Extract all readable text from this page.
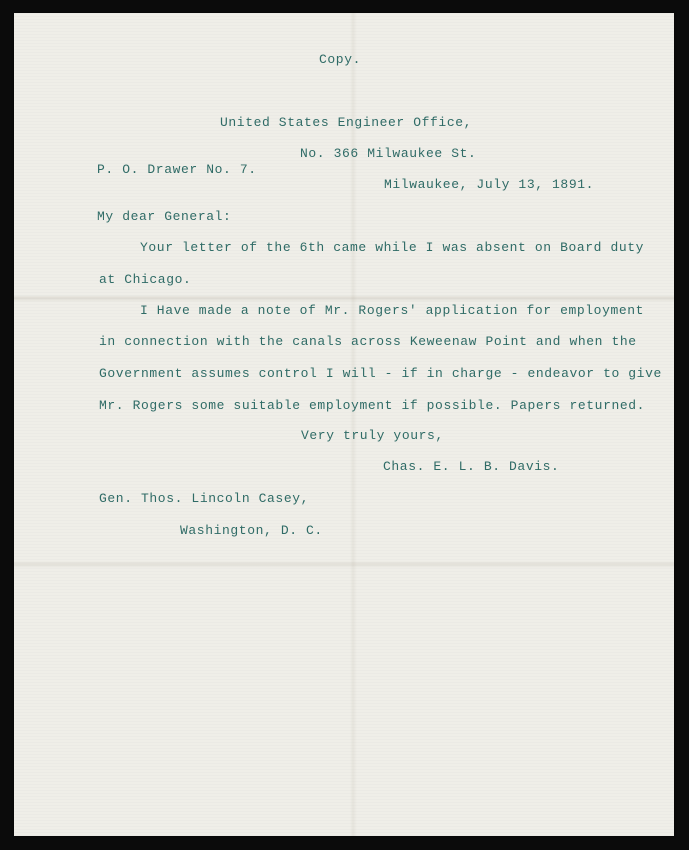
Copy.
United States Engineer Office,
No. 366 Milwaukee St.
P. O. Drawer No. 7.
Milwaukee, July 13, 1891.
My dear General:
Your letter of the 6th came while I was absent on Board duty
at Chicago.
I Have made a note of Mr. Rogers' application for employment
in connection with the canals across Keweenaw Point and when the
Government assumes control I will - if in charge - endeavor to give
Mr. Rogers some suitable employment if possible. Papers returned.
Very truly yours,
Chas. E. L. B. Davis.
Gen. Thos. Lincoln Casey,
Washington, D. C.
